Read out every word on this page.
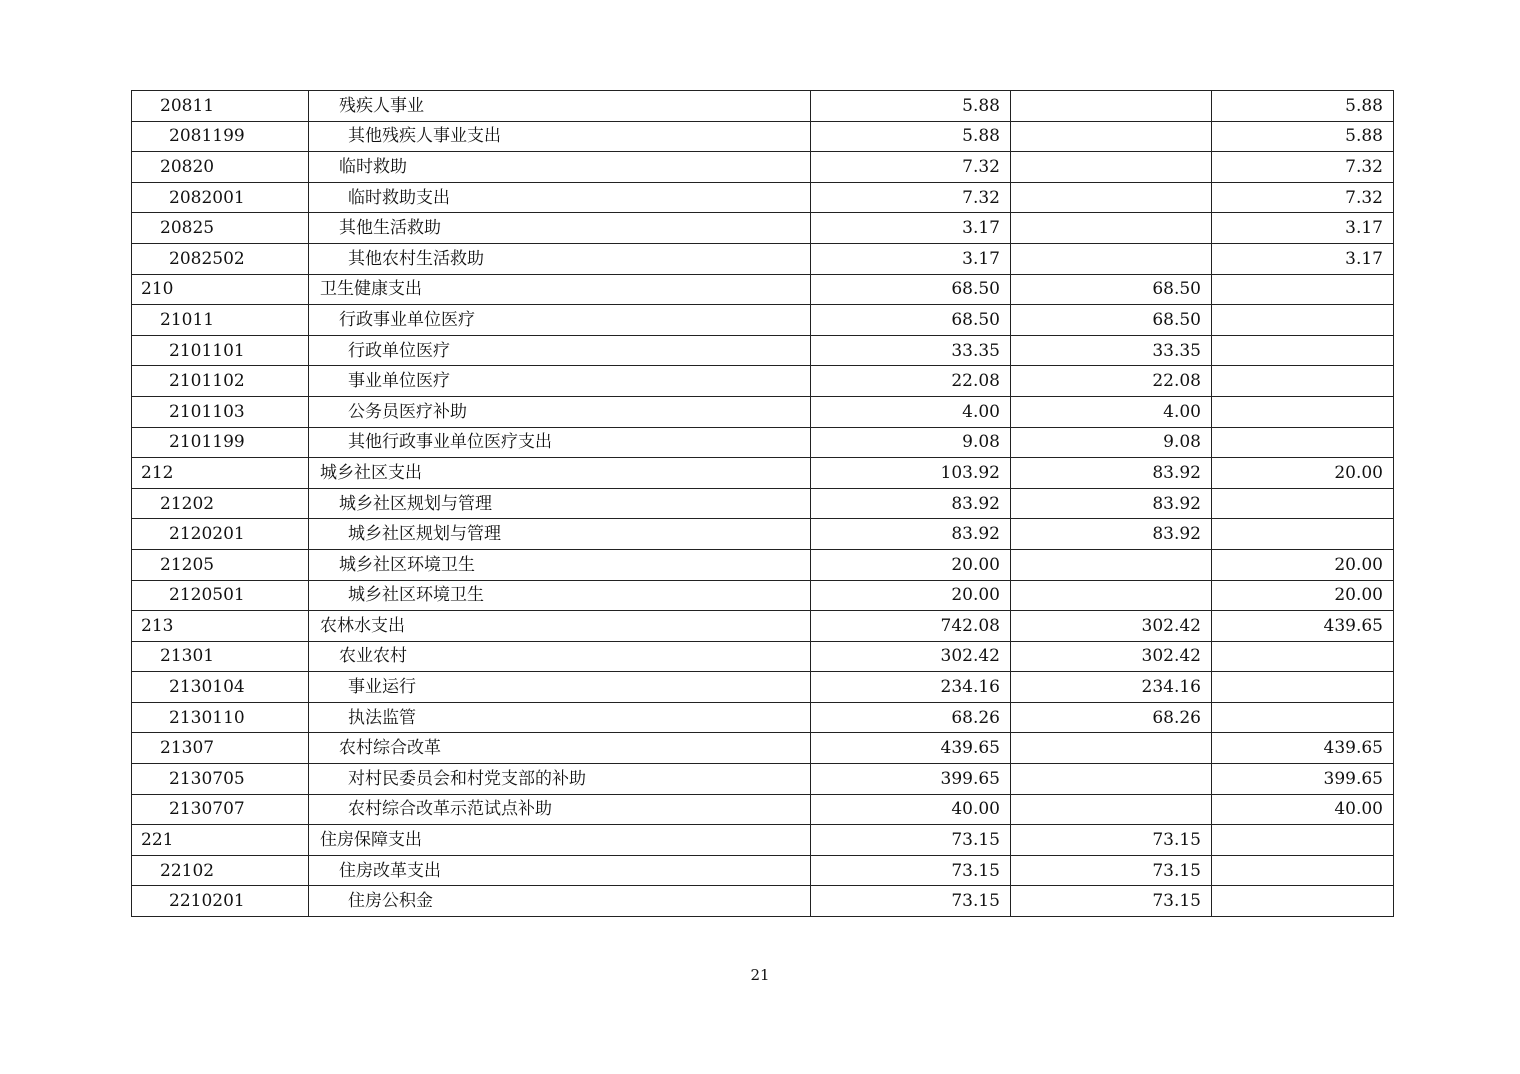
20811	残疾人事业	5.88		5.88
2081199	其他残疾人事业支出	5.88		5.88
20820	临时救助	7.32		7.32
2082001	临时救助支出	7.32		7.32
20825	其他生活救助	3.17		3.17
2082502	其他农村生活救助	3.17		3.17
210	卫生健康支出	68.50	68.50	
21011	行政事业单位医疗	68.50	68.50	
2101101	行政单位医疗	33.35	33.35	
2101102	事业单位医疗	22.08	22.08	
2101103	公务员医疗补助	4.00	4.00	
2101199	其他行政事业单位医疗支出	9.08	9.08	
212	城乡社区支出	103.92	83.92	20.00
21202	城乡社区规划与管理	83.92	83.92	
2120201	城乡社区规划与管理	83.92	83.92	
21205	城乡社区环境卫生	20.00		20.00
2120501	城乡社区环境卫生	20.00		20.00
213	农林水支出	742.08	302.42	439.65
21301	农业农村	302.42	302.42	
2130104	事业运行	234.16	234.16	
2130110	执法监管	68.26	68.26	
21307	农村综合改革	439.65		439.65
2130705	对村民委员会和村党支部的补助	399.65		399.65
2130707	农村综合改革示范试点补助	40.00		40.00
221	住房保障支出	73.15	73.15	
22102	住房改革支出	73.15	73.15	
2210201	住房公积金	73.15	73.15	
21
